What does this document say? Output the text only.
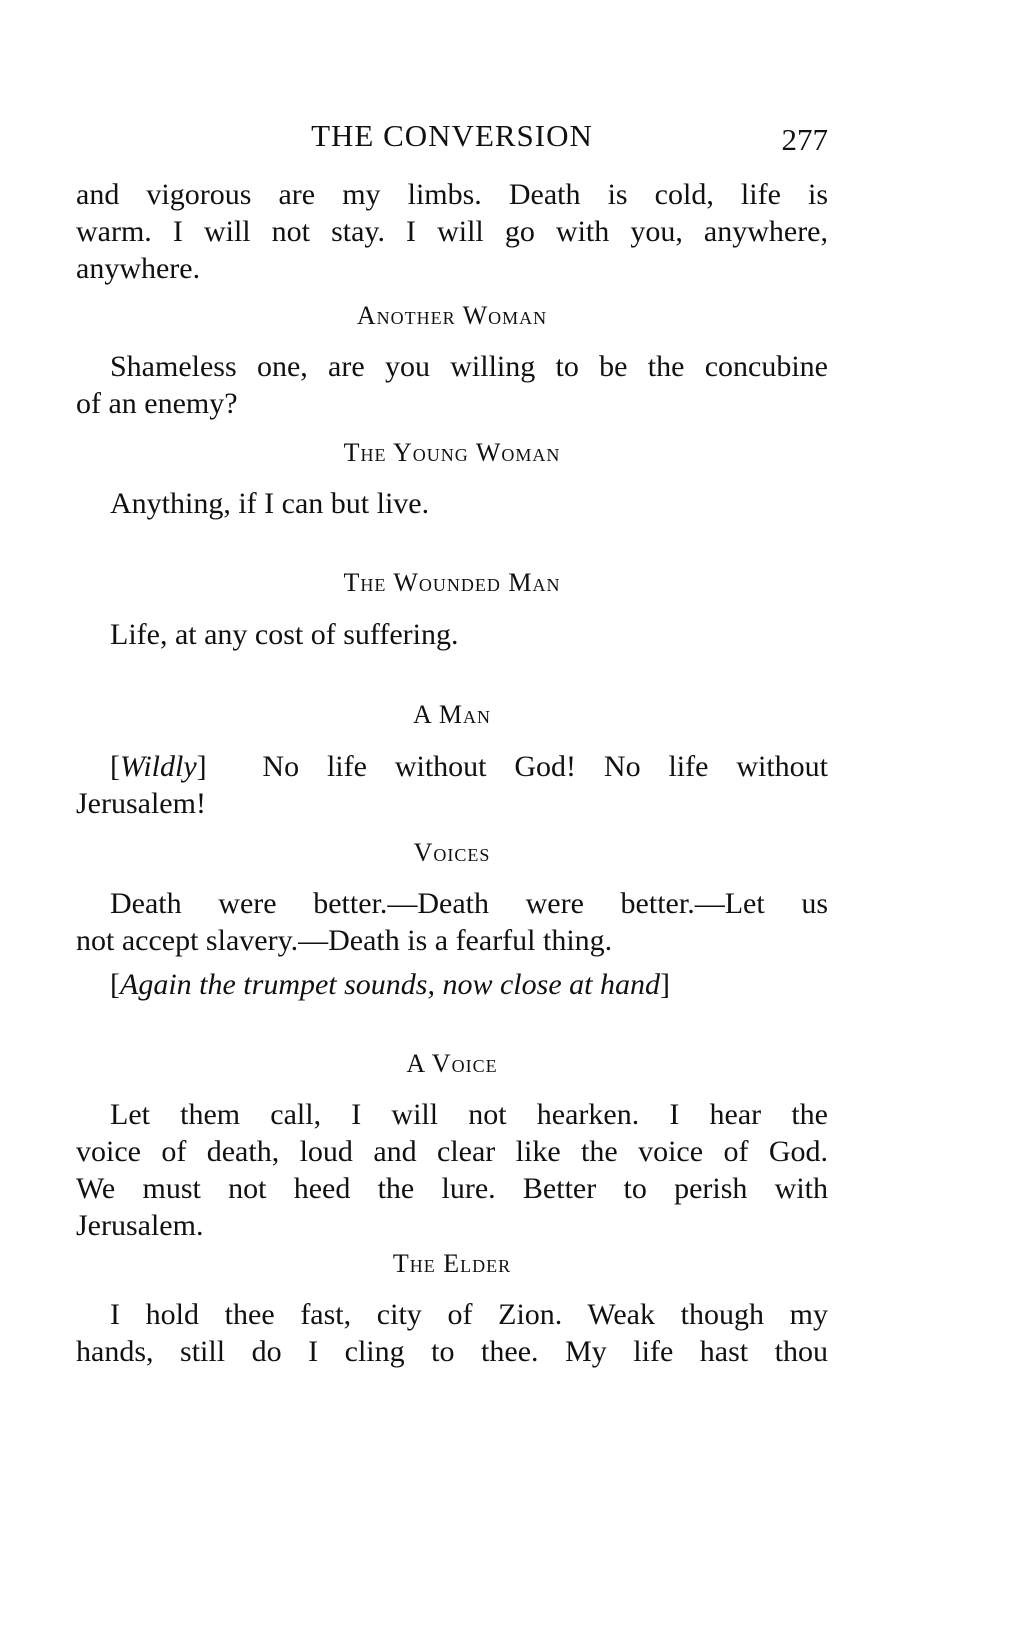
THE CONVERSION	277

and vigorous are my limbs. Death is cold, life is

warm. I will not stay. I will go with you, anywhere,

anywhere.

Another Woman

Shameless one, are you willing to be the concubine

of an enemy?

The Young Woman

Anything, if I can but live.

The Wounded Man

Life, at any cost of suffering.

A Man

[Wildly] No life without God! No life without

Jerusalem!

Voices

Death were better.—Death were better.—Let us

not accept slavery.—Death is a fearful thing.

[Again the trumpet sounds, now close at hand]
A Voice

Let them call, I will not hearken. I hear the

voice of death, loud and clear like the voice of God.

We must not heed the lure. Better to perish with

Jerusalem.

The Elder

I hold thee fast, city of Zion. Weak though my

hands, still do I cling to thee. My life hast thou
